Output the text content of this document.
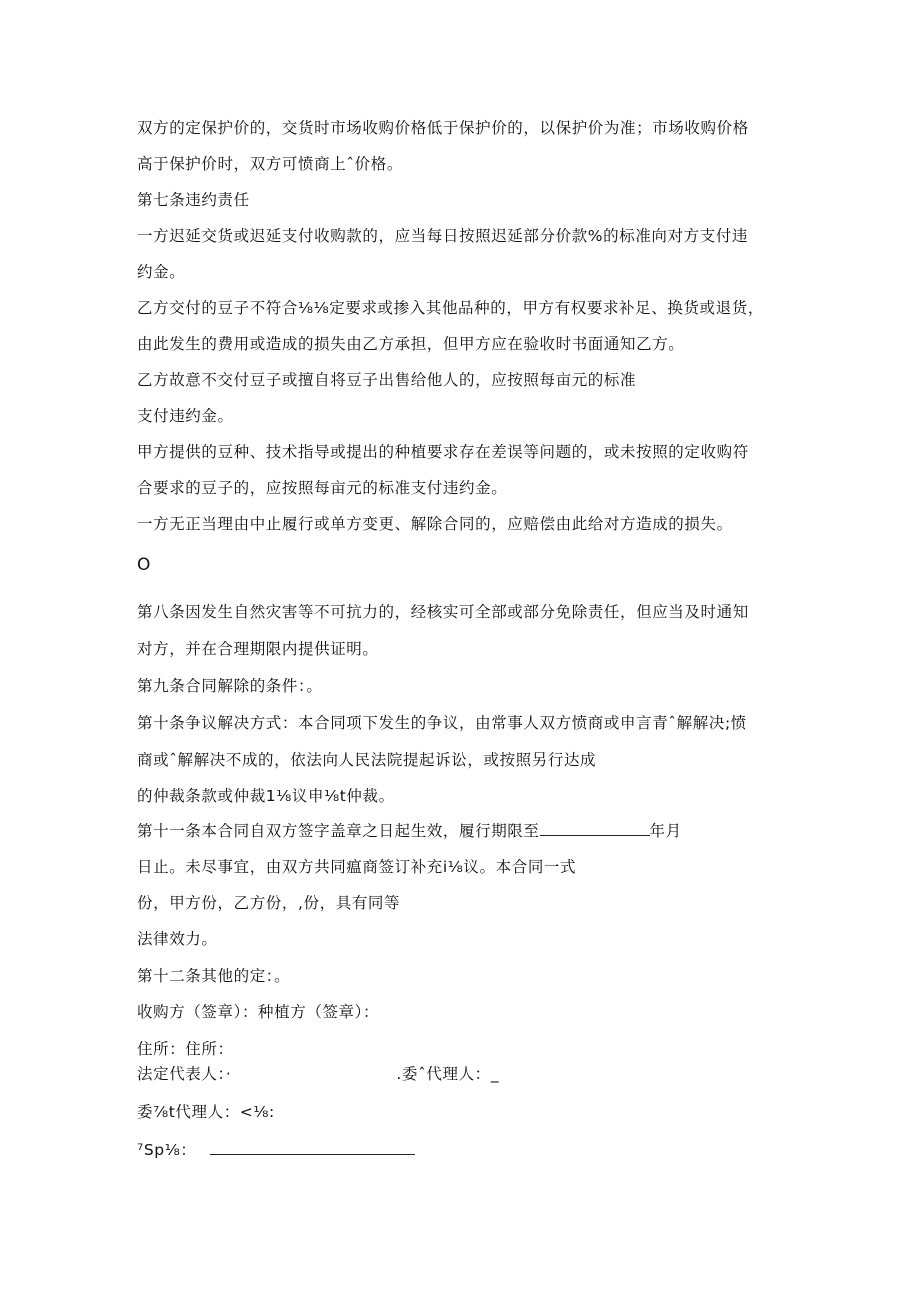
双方的定保护价的，交货时市场收购价格低于保护价的，以保护价为准；市场收购价格
高于保护价时，双方可愤商上ˆ价格。
第七条违约责任
一方迟延交货或迟延支付收购款的，应当每日按照迟延部分价款%的标准向对方支付违
约金。
乙方交付的豆子不符合⅛⅛定要求或掺入其他品种的，甲方有权要求补足、换货或退货，
由此发生的费用或造成的损失由乙方承担，但甲方应在验收时书面通知乙方。
乙方故意不交付豆子或擅自将豆子出售给他人的，应按照每亩元的标准
支付违约金。
甲方提供的豆种、技术指导或提出的种植要求存在差误等问题的，或未按照的定收购符
合要求的豆子的，应按照每亩元的标准支付违约金。
一方无正当理由中止履行或单方变更、解除合同的，应赔偿由此给对方造成的损失。
O
第八条因发生自然灾害等不可抗力的，经核实可全部或部分免除责任，但应当及时通知
对方，并在合理期限内提供证明。
第九条合同解除的条件：。
第十条争议解决方式：本合同项下发生的争议，由常事人双方愤商或申言青ˆ解解决;愤
商或ˆ解解决不成的，依法向人民法院提起诉讼，或按照另行达成
的仲裁条款或仲裁1⅛议申⅛t仲裁。
第十一条本合同自双方签字盖章之日起生效，履行期限至	年月
日止。未尽事宜，由双方共同瘟商签订补充i⅛议。本合同一式
份，甲方份，乙方份，,份，具有同等
法律效力。
第十二条其他的定：。
收购方（签章）：种植方（签章）：
住所：住所：
法定代表人：·	.委ˆ代理人：_
委⅞t代理人：<⅛:
⁷Sp⅛：
